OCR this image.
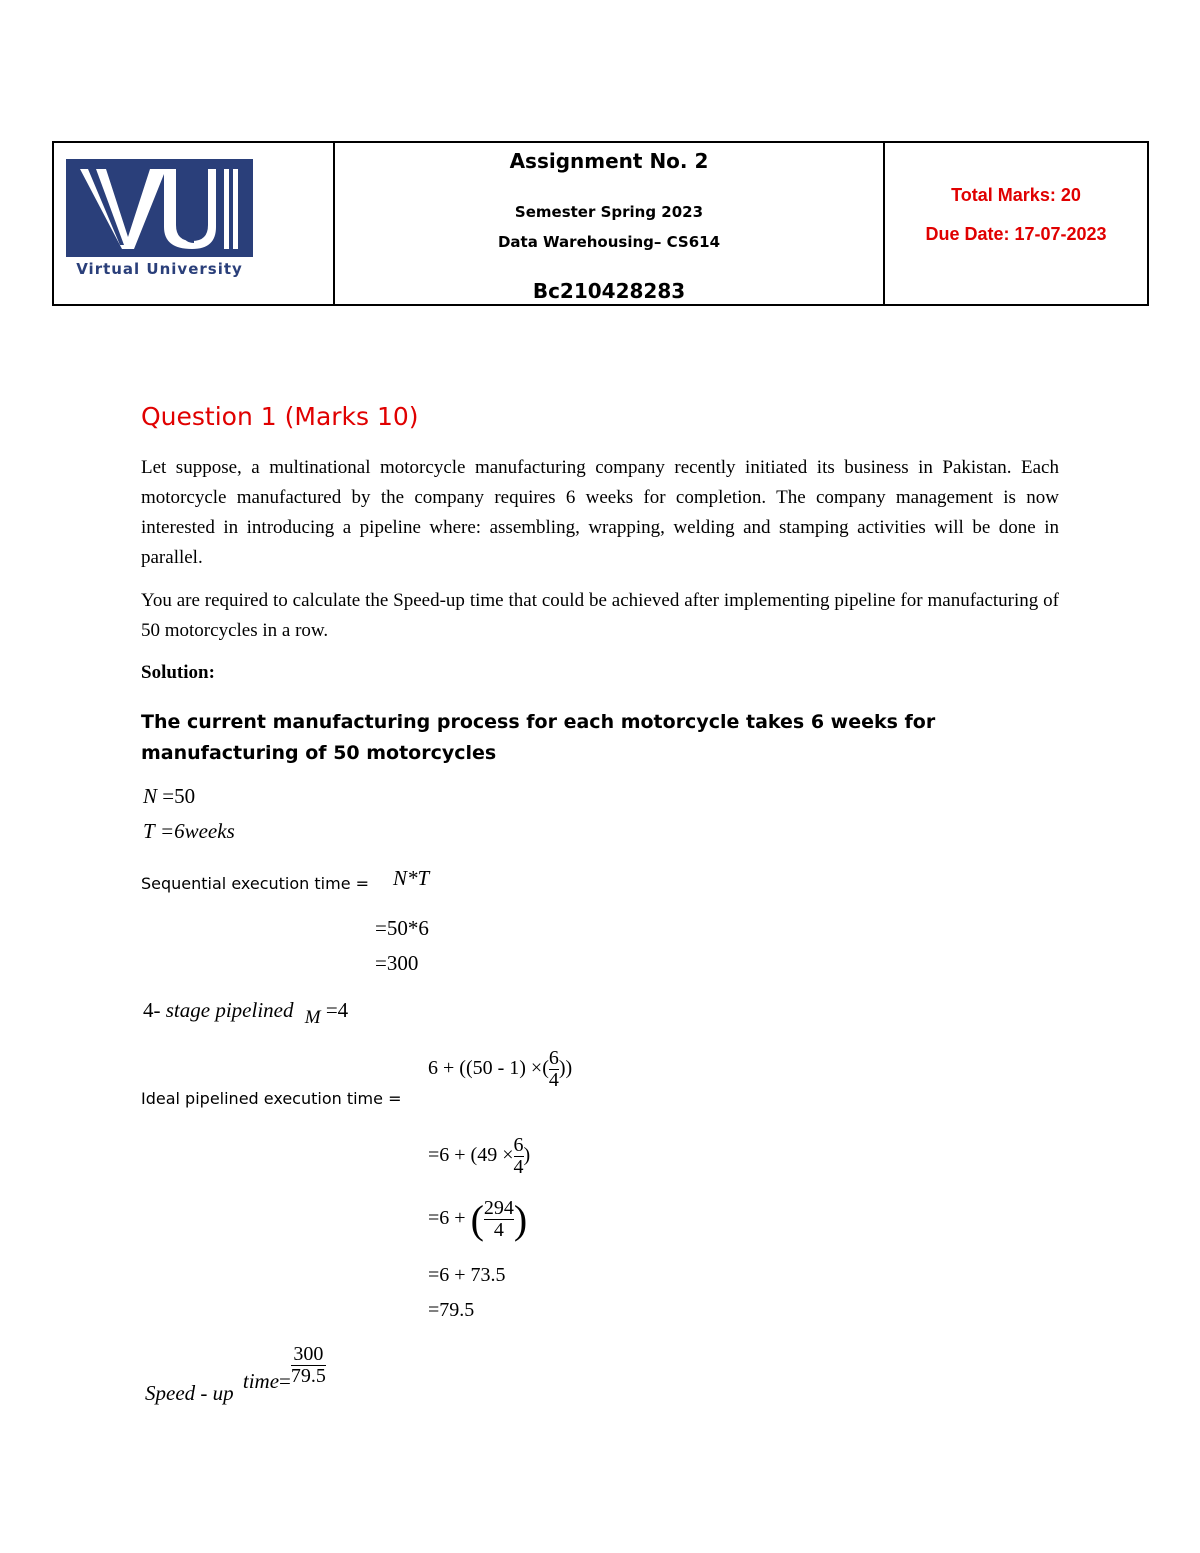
Virtual University
Assignment No. 2
Semester Spring 2023
Data Warehousing– CS614
Bc210428283
Total Marks: 20
Due Date: 17-07-2023
Question 1 (Marks 10)

Let suppose, a multinational motorcycle manufacturing company recently initiated its business in Pakistan. Each motorcycle manufactured by the company requires 6 weeks for completion. The company management is now interested in introducing a pipeline where: assembling, wrapping, welding and stamping activities will be done in parallel.

You are required to calculate the Speed-up time that could be achieved after implementing pipeline for manufacturing of 50 motorcycles in a row.

Solution:

The current manufacturing process for each motorcycle takes 6 weeks for manufacturing of 50 motorcycles

N =50
T =6weeks
Sequential execution time = N*T
=50*6
=300
4- stage pipelined M =4
Ideal pipelined execution time =
6 + ((50 - 1) ×( $\frac{6}{4}$ ))
$=6 + (49 \times \frac{6}{4}$ )
=6 + ( $\frac{294}{4}$ )
=6 + 73.5
=79.5
Speed - up time= $\frac{300}{79.5}$
